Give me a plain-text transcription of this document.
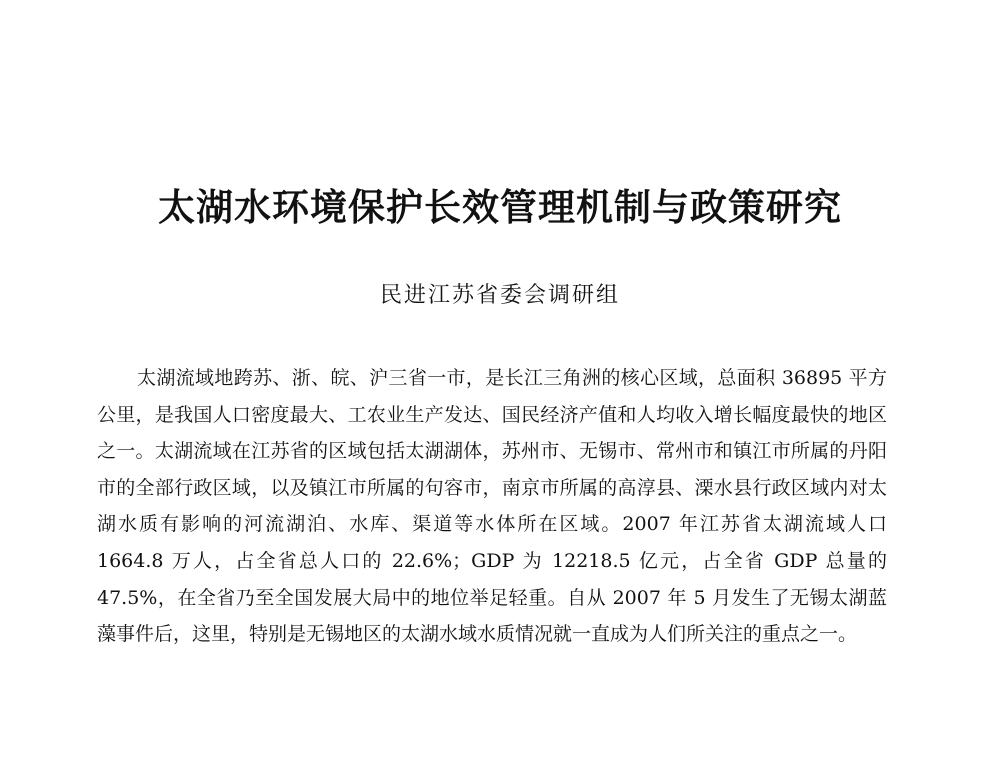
太湖水环境保护长效管理机制与政策研究
民进江苏省委会调研组

太湖流域地跨苏、浙、皖、沪三省一市，是长江三角洲的核心区域，总面积 36895 平方公里，是我国人口密度最大、工农业生产发达、国民经济产值和人均收入增长幅度最快的地区之一。太湖流域在江苏省的区域包括太湖湖体，苏州市、无锡市、常州市和镇江市所属的丹阳市的全部行政区域，以及镇江市所属的句容市，南京市所属的高淳县、溧水县行政区域内对太湖水质有影响的河流湖泊、水库、渠道等水体所在区域。2007 年江苏省太湖流域人口 1664.8 万人，占全省总人口的 22.6%；GDP 为 12218.5 亿元，占全省 GDP 总量的 47.5%，在全省乃至全国发展大局中的地位举足轻重。自从 2007 年 5 月发生了无锡太湖蓝藻事件后，这里，特别是无锡地区的太湖水域水质情况就一直成为人们所关注的重点之一。
